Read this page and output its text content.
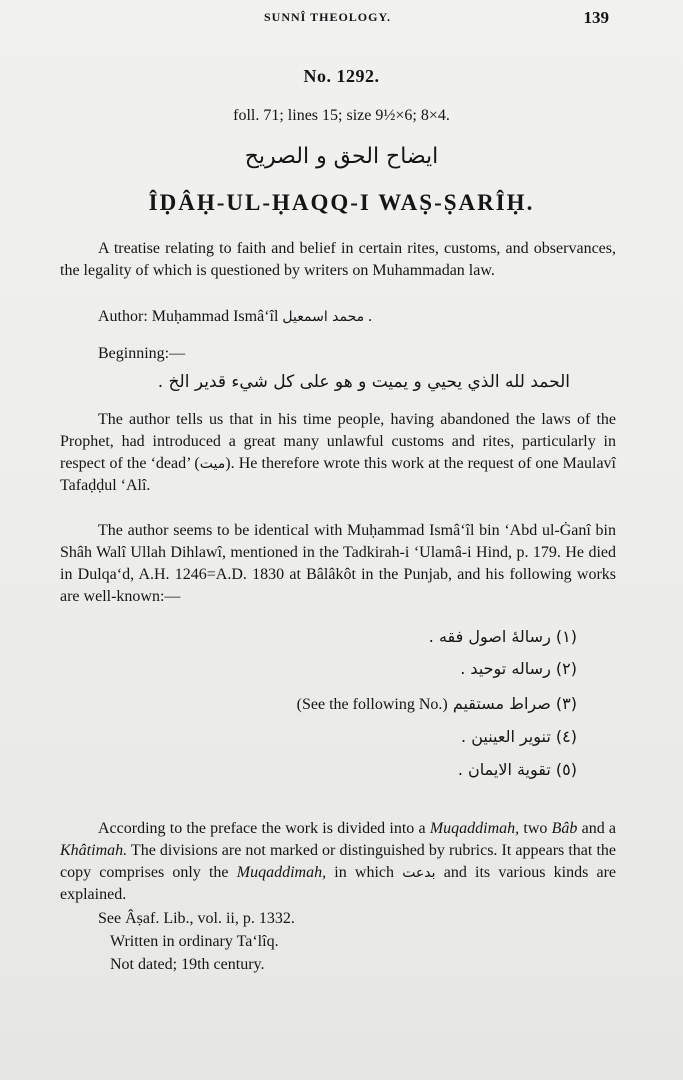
SUNNÎ THEOLOGY.	139
No. 1292.
foll. 71; lines 15; size 9½×6; 8×4.
ايضاح الحق و الصريح
ÎḌÂḤ-UL-ḤAQQ-I WAṢ-ṢARÎḤ.
A treatise relating to faith and belief in certain rites, customs, and observances, the legality of which is questioned by writers on Muhammadan law.
Author: Muḥammad Ismâ‘îl محمد اسمعيل .
Beginning:—
الحمد لله الذي يحيي و يميت و هو على كل شيء قدير الخ .
The author tells us that in his time people, having abandoned the laws of the Prophet, had introduced a great many unlawful customs and rites, particularly in respect of the ‘dead’ (ميت). He therefore wrote this work at the request of one Maulavî Tafaḍḍul ‘Alî.
The author seems to be identical with Muḥammad Ismâ‘îl bin ‘Abd ul-Ġanî bin Shâh Walî Ullah Dihlawî, mentioned in the Tadkirah-i ‘Ulamâ-i Hind, p. 179. He died in Dulqa‘d, A.H. 1246=A.D. 1830 at Bâlâkôt in the Punjab, and his following works are well-known:—
(١) رسالهٔ اصول فقه .
(٢) رساله توحيد .
(٣) صراط مستقيم (See the following No.)
(٤) تنوير العينين .
(٥) تقوية الايمان .
According to the preface the work is divided into a Muqaddimah, two Bâb and a Khâtimah. The divisions are not marked or distinguished by rubrics. It appears that the copy comprises only the Muqaddimah, in which بدعت and its various kinds are explained.
See Âṣaf. Lib., vol. ii, p. 1332.
Written in ordinary Ta‘lîq.
Not dated; 19th century.
